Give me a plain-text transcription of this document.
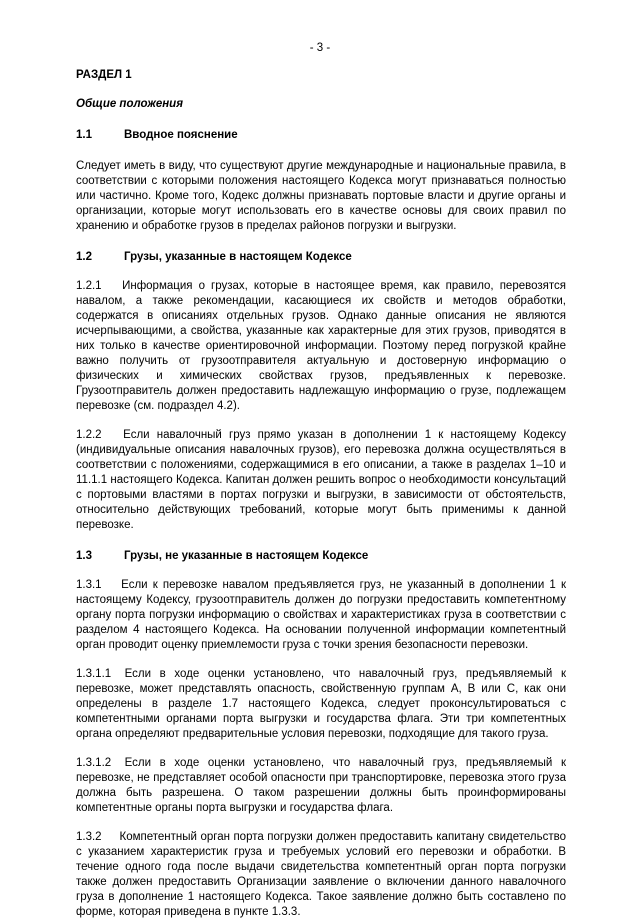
- 3 -
РАЗДЕЛ 1
Общие положения
1.1	Вводное пояснение
Следует иметь в виду, что существуют другие международные и национальные правила, в соответствии с которыми положения настоящего Кодекса могут признаваться полностью или частично. Кроме того, Кодекс должны признавать портовые власти и другие органы и организации, которые могут использовать его в качестве основы для своих правил по хранению и обработке грузов в пределах районов погрузки и выгрузки.
1.2	Грузы, указанные в настоящем Кодексе
1.2.1 Информация о грузах, которые в настоящее время, как правило, перевозятся навалом, а также рекомендации, касающиеся их свойств и методов обработки, содержатся в описаниях отдельных грузов. Однако данные описания не являются исчерпывающими, а свойства, указанные как характерные для этих грузов, приводятся в них только в качестве ориентировочной информации. Поэтому перед погрузкой крайне важно получить от грузоотправителя актуальную и достоверную информацию о физических и химических свойствах грузов, предъявленных к перевозке. Грузоотправитель должен предоставить надлежащую информацию о грузе, подлежащем перевозке (см. подраздел 4.2).
1.2.2 Если навалочный груз прямо указан в дополнении 1 к настоящему Кодексу (индивидуальные описания навалочных грузов), его перевозка должна осуществляться в соответствии с положениями, содержащимися в его описании, а также в разделах 1–10 и 11.1.1 настоящего Кодекса. Капитан должен решить вопрос о необходимости консультаций с портовыми властями в портах погрузки и выгрузки, в зависимости от обстоятельств, относительно действующих требований, которые могут быть применимы к данной перевозке.
1.3	Грузы, не указанные в настоящем Кодексе
1.3.1 Если к перевозке навалом предъявляется груз, не указанный в дополнении 1 к настоящему Кодексу, грузоотправитель должен до погрузки предоставить компетентному органу порта погрузки информацию о свойствах и характеристиках груза в соответствии с разделом 4 настоящего Кодекса. На основании полученной информации компетентный орган проводит оценку приемлемости груза с точки зрения безопасности перевозки.
1.3.1.1 Если в ходе оценки установлено, что навалочный груз, предъявляемый к перевозке, может представлять опасность, свойственную группам А, В или С, как они определены в разделе 1.7 настоящего Кодекса, следует проконсультироваться с компетентными органами порта выгрузки и государства флага. Эти три компетентных органа определяют предварительные условия перевозки, подходящие для такого груза.
1.3.1.2 Если в ходе оценки установлено, что навалочный груз, предъявляемый к перевозке, не представляет особой опасности при транспортировке, перевозка этого груза должна быть разрешена. О таком разрешении должны быть проинформированы компетентные органы порта выгрузки и государства флага.
1.3.2 Компетентный орган порта погрузки должен предоставить капитану свидетельство с указанием характеристик груза и требуемых условий его перевозки и обработки. В течение одного года после выдачи свидетельства компетентный орган порта погрузки также должен предоставить Организации заявление о включении данного навалочного груза в дополнение 1 настоящего Кодекса. Такое заявление должно быть составлено по форме, которая приведена в пункте 1.3.3.
